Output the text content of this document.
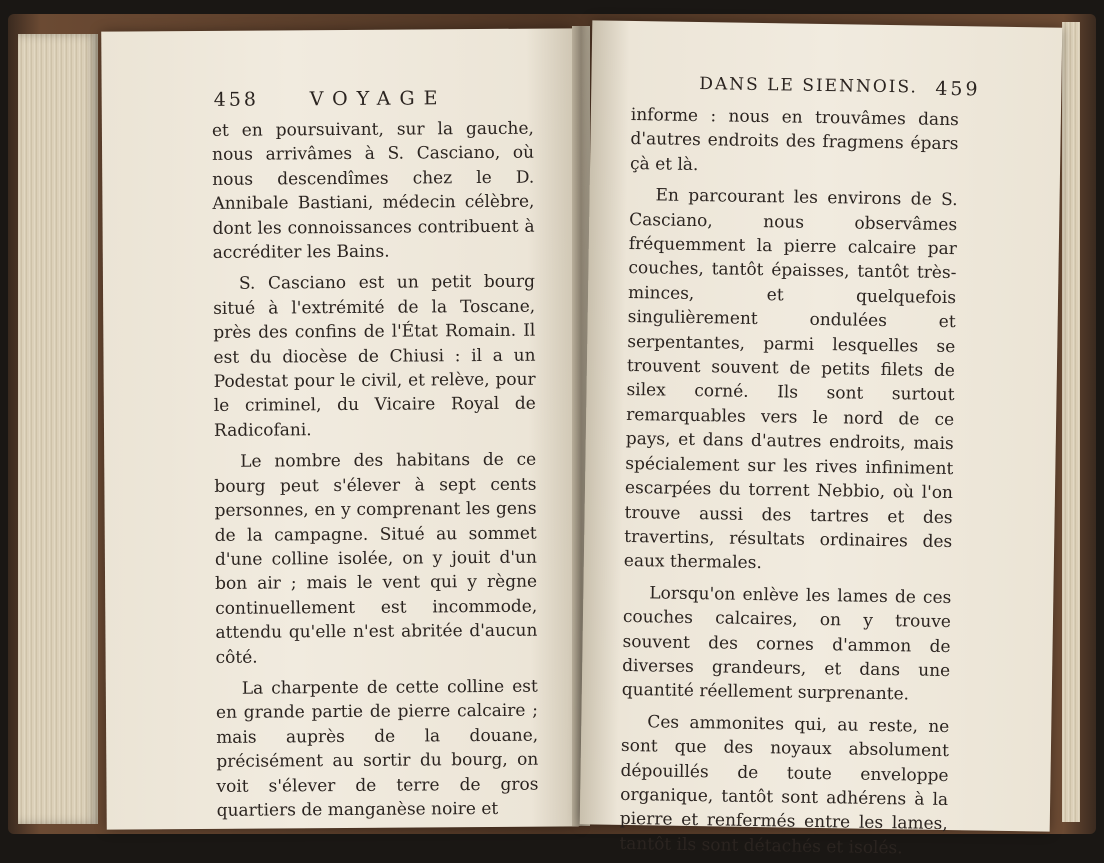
458	VOYAGE

et en poursuivant, sur la gauche, nous arrivâmes à S. Casciano, où nous descendîmes chez le D. Annibale Bastiani, médecin célèbre, dont les connoissances contribuent à accréditer les Bains.

S. Casciano est un petit bourg situé à l'extrémité de la Toscane, près des confins de l'État Romain. Il est du diocèse de Chiusi : il a un Podestat pour le civil, et relève, pour le criminel, du Vicaire Royal de Radicofani.

Le nombre des habitans de ce bourg peut s'élever à sept cents personnes, en y comprenant les gens de la campagne. Situé au sommet d'une colline isolée, on y jouit d'un bon air ; mais le vent qui y règne continuellement est incommode, attendu qu'elle n'est abritée d'aucun côté.

La charpente de cette colline est en grande partie de pierre calcaire ; mais auprès de la douane, précisément au sortir du bourg, on voit s'élever de terre de gros quartiers de manganèse noire et

DANS LE SIENNOIS. 459

informe : nous en trouvâmes dans d'autres endroits des fragmens épars çà et là.

En parcourant les environs de S. Casciano, nous observâmes fréquemment la pierre calcaire par couches, tantôt épaisses, tantôt très-minces, et quelquefois singulièrement ondulées et serpentantes, parmi lesquelles se trouvent souvent de petits filets de silex corné. Ils sont surtout remarquables vers le nord de ce pays, et dans d'autres endroits, mais spécialement sur les rives infiniment escarpées du torrent Nebbio, où l'on trouve aussi des tartres et des travertins, résultats ordinaires des eaux thermales.

Lorsqu'on enlève les lames de ces couches calcaires, on y trouve souvent des cornes d'ammon de diverses grandeurs, et dans une quantité réellement surprenante.

Ces ammonites qui, au reste, ne sont que des noyaux absolument dépouillés de toute enveloppe organique, tantôt sont adhérens à la pierre et renfermés entre les lames, tantôt ils sont détachés et isolés.
